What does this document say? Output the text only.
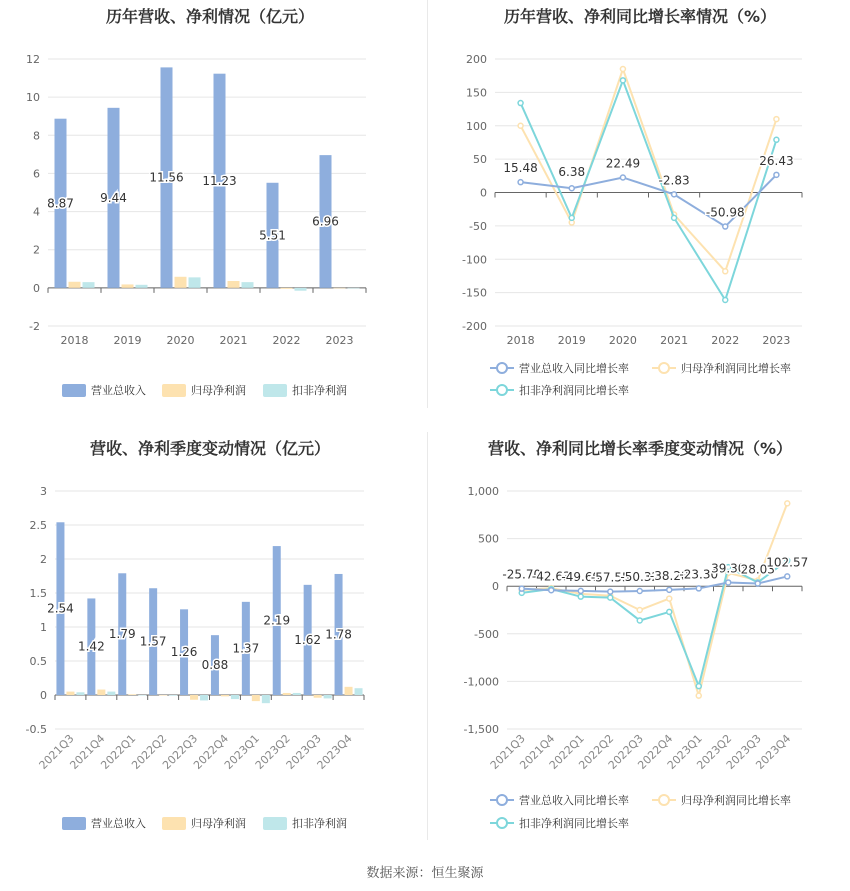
历年营收、净利情况（亿元）	历年营收、净利同比增长率情况（%）
营收、净利季度变动情况（亿元）	营收、净利同比增长率季度变动情况（%）
-2
0
2
4
6
8
10
12
2018 2019 2020 2021 2022 2023
8.87 9.44
11.56 11.23
5.51
6.96
营业总收入	归母净利润	扣非净利润
-200
-150
-100
-50
0
50
100
150
200
2018 2019 2020 2021 2022 2023
15.48 6.38
22.49
-2.83
-50.98
26.43
营业总收入同比增长率	归母净利润同比增长率
扣非净利润同比增长率
-0.5
0
0.5
1
1.5
2
2.5
3
2021Q3
2021Q4
2022Q1
2022Q2
2022Q3
2022Q4
2023Q1
2023Q2
2023Q3
2023Q4
2.54
1.42
1.79
1.57
1.26
0.88
1.37
2.19
1.62 1.78
营业总收入	归母净利润	扣非净利润
-1,500
-1,000
-500
0
500
1,000
2021Q3
2021Q4
2022Q1
2022Q2
2022Q3
2022Q4
2023Q1
2023Q2
2023Q3
2023Q4
-25.70
-42.63
-49.69
-57.55
-50.32
-38.28
-23.30
39.30
28.03
102.57
营业总收入同比增长率	归母净利润同比增长率
扣非净利润同比增长率
数据来源：恒生聚源
